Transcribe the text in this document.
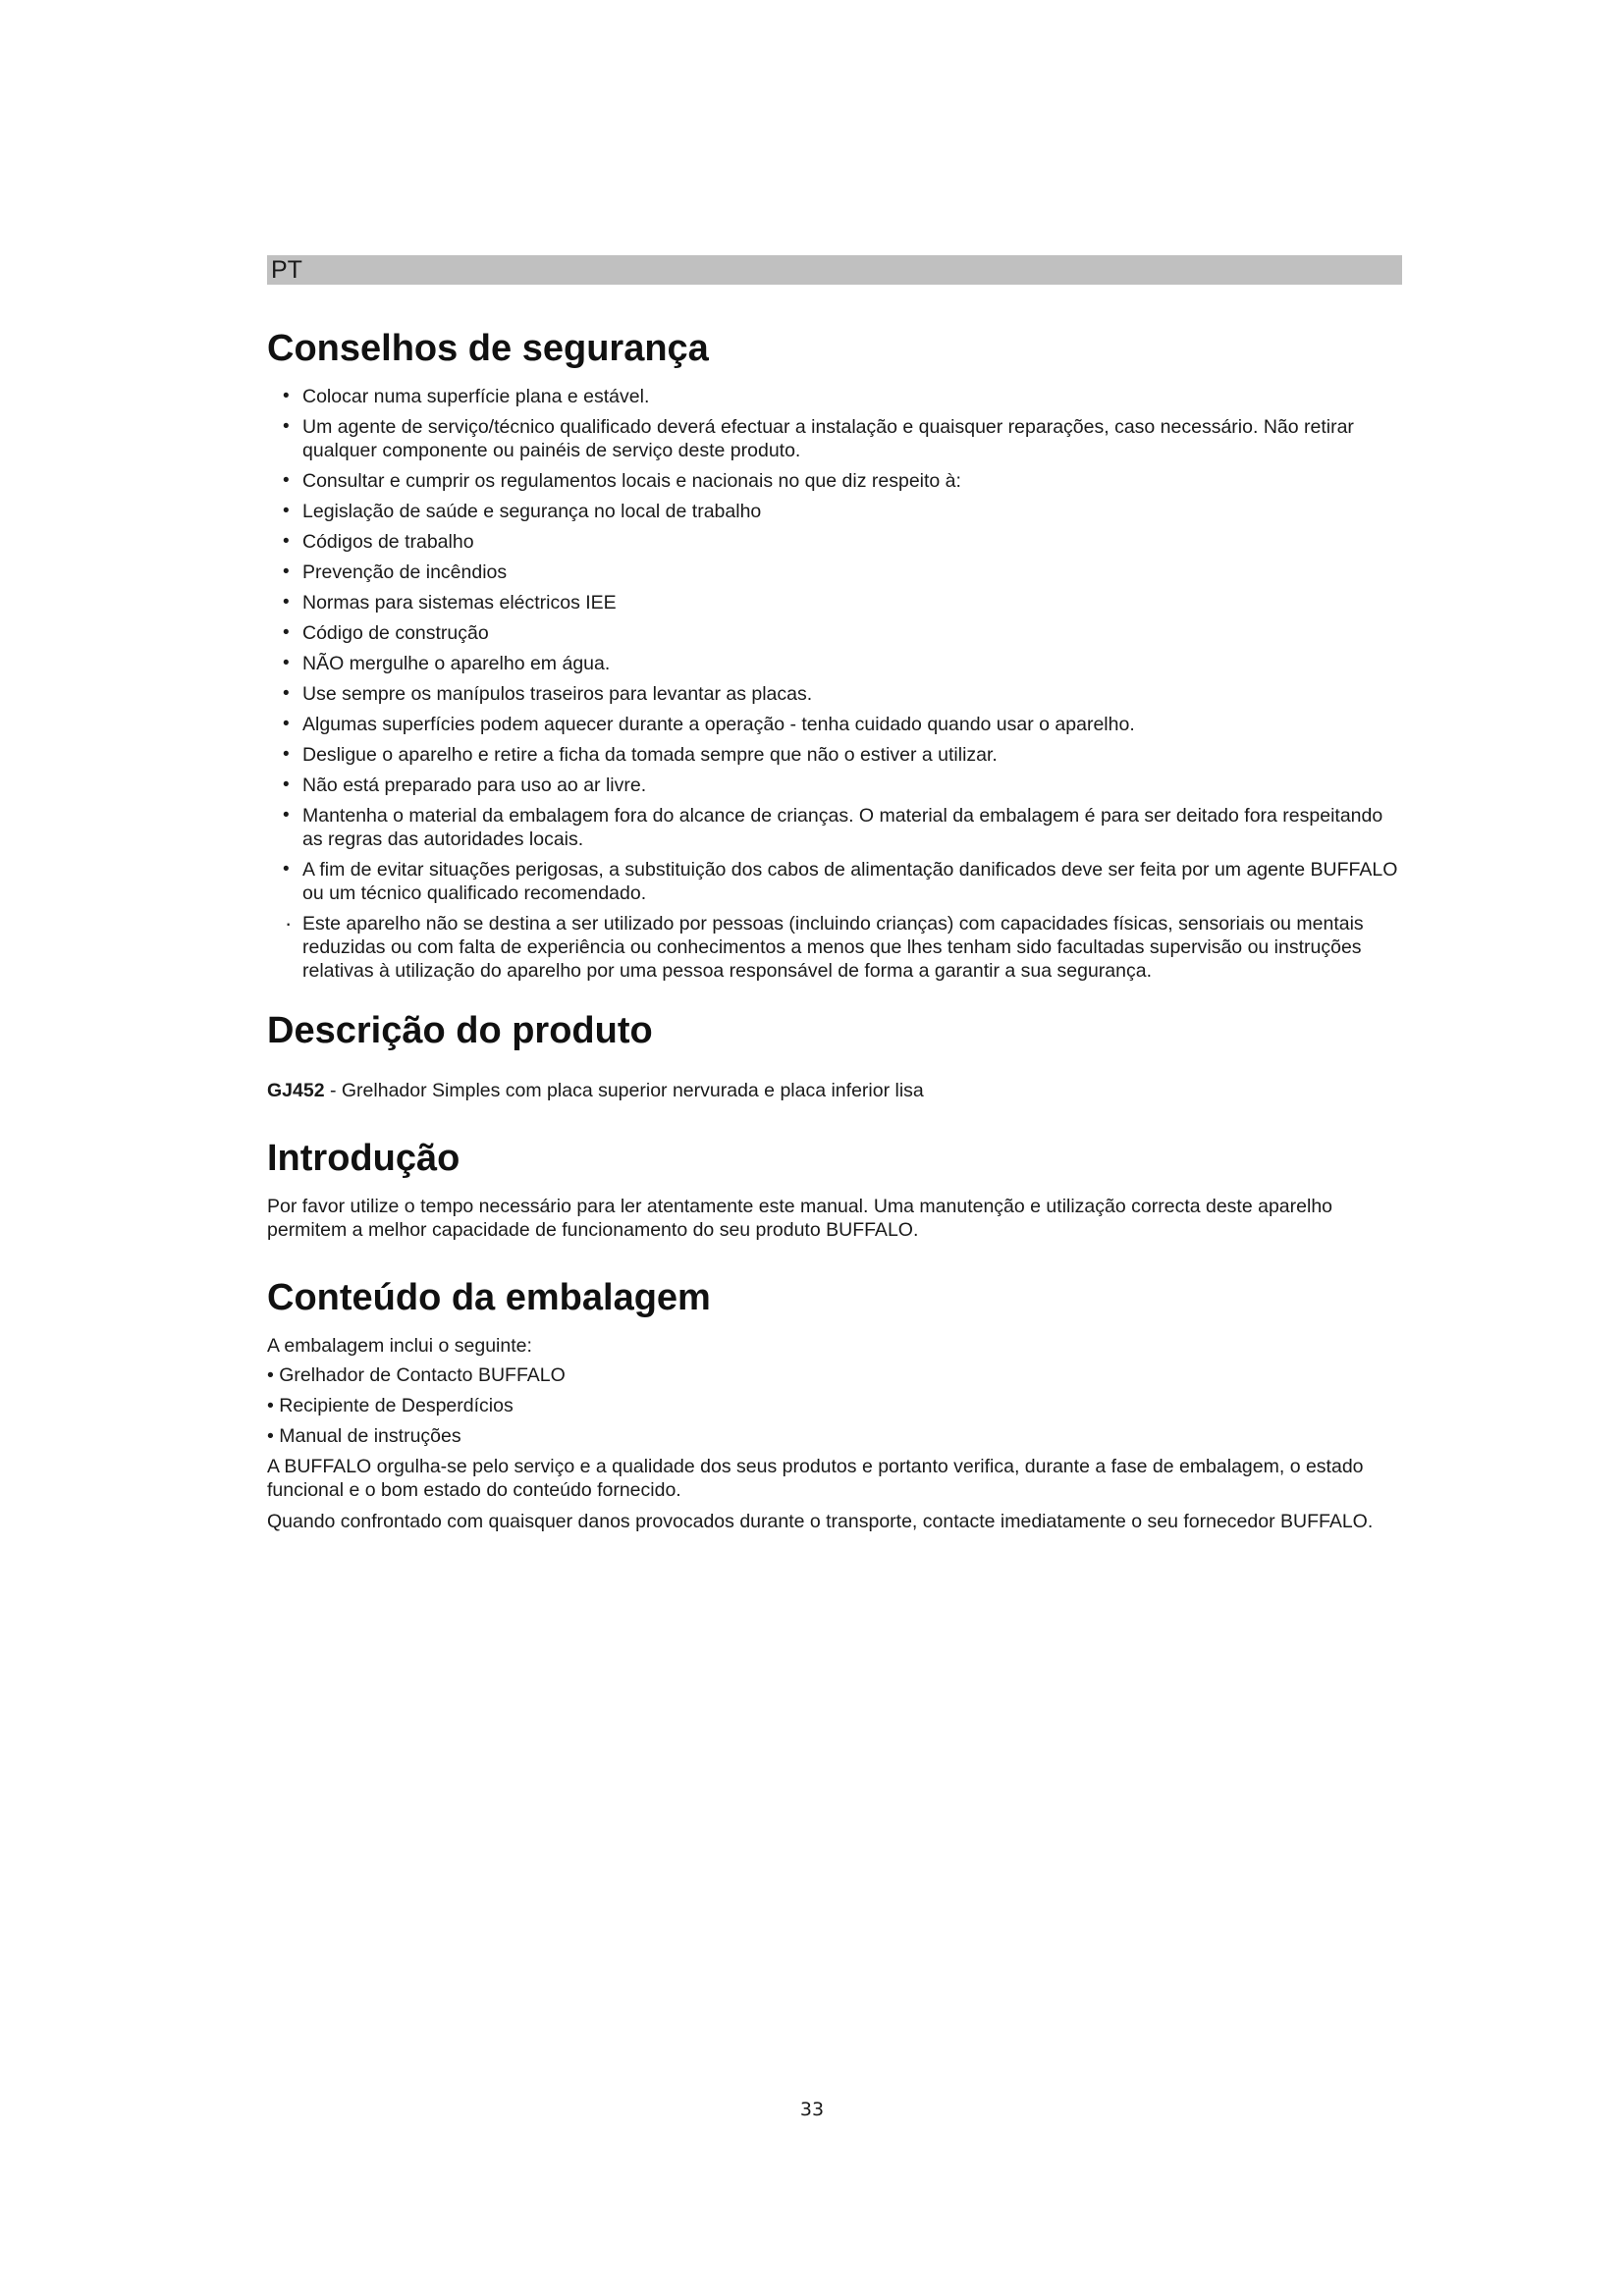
PT
Conselhos de segurança
• Colocar numa superfície plana e estável.
• Um agente de serviço/técnico qualificado deverá efectuar a instalação e quaisquer reparações, caso necessário. Não retirar qualquer componente ou painéis de serviço deste produto.
• Consultar e cumprir os regulamentos locais e nacionais no que diz respeito à:
• Legislação de saúde e segurança no local de trabalho
• Códigos de trabalho
• Prevenção de incêndios
• Normas para sistemas eléctricos IEE
• Código de construção
• NÃO mergulhe o aparelho em água.
• Use sempre os manípulos traseiros para levantar as placas.
• Algumas superfícies podem aquecer durante a operação - tenha cuidado quando usar o aparelho.
• Desligue o aparelho e retire a ficha da tomada sempre que não o estiver a utilizar.
• Não está preparado para uso ao ar livre.
• Mantenha o material da embalagem fora do alcance de crianças. O material da embalagem é para ser deitado fora respeitando as regras das autoridades locais.
• A fim de evitar situações perigosas, a substituição dos cabos de alimentação danificados deve ser feita por um agente BUFFALO ou um técnico qualificado recomendado.
· Este aparelho não se destina a ser utilizado por pessoas (incluindo crianças) com capacidades físicas, sensoriais ou mentais reduzidas ou com falta de experiência ou conhecimentos a menos que lhes tenham sido facultadas supervisão ou instruções relativas à utilização do aparelho por uma pessoa responsável de forma a garantir a sua segurança.
Descrição do produto

GJ452 - Grelhador Simples com placa superior nervurada e placa inferior lisa

Introdução

Por favor utilize o tempo necessário para ler atentamente este manual. Uma manutenção e utilização correcta deste aparelho permitem a melhor capacidade de funcionamento do seu produto BUFFALO.

Conteúdo da embalagem

A embalagem inclui o seguinte:

• Grelhador de Contacto BUFFALO
• Recipiente de Desperdícios
• Manual de instruções

A BUFFALO orgulha-se pelo serviço e a qualidade dos seus produtos e portanto verifica, durante a fase de embalagem, o estado funcional e o bom estado do conteúdo fornecido.

Quando confrontado com quaisquer danos provocados durante o transporte, contacte imediatamente o seu fornecedor BUFFALO.

33
